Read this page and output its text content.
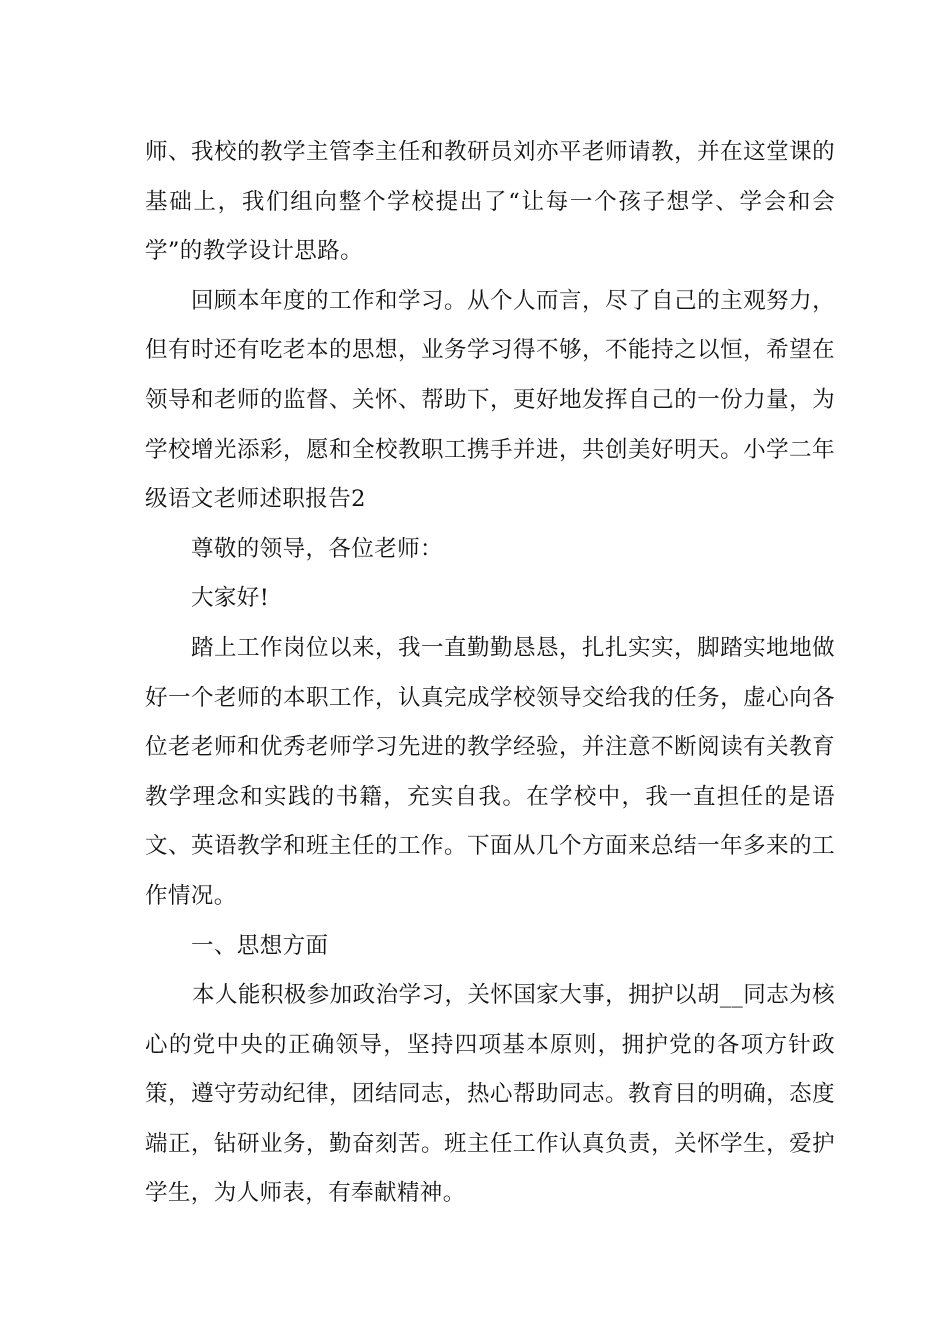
师、我校的教学主管李主任和教研员刘亦平老师请教，并在这堂课的基础上，我们组向整个学校提出了“让每一个孩子想学、学会和会学”的教学设计思路。

回顾本年度的工作和学习。从个人而言，尽了自己的主观努力，但有时还有吃老本的思想，业务学习得不够，不能持之以恒，希望在领导和老师的监督、关怀、帮助下，更好地发挥自己的一份力量，为学校增光添彩，愿和全校教职工携手并进，共创美好明天。小学二年级语文老师述职报告2

尊敬的领导，各位老师：

大家好!

踏上工作岗位以来，我一直勤勤恳恳，扎扎实实，脚踏实地地做好一个老师的本职工作，认真完成学校领导交给我的任务，虚心向各位老老师和优秀老师学习先进的教学经验，并注意不断阅读有关教育教学理念和实践的书籍，充实自我。在学校中，我一直担任的是语文、英语教学和班主任的工作。下面从几个方面来总结一年多来的工作情况。

一、思想方面

本人能积极参加政治学习，关怀国家大事，拥护以胡__同志为核心的党中央的正确领导，坚持四项基本原则，拥护党的各项方针政策，遵守劳动纪律，团结同志，热心帮助同志。教育目的明确，态度端正，钻研业务，勤奋刻苦。班主任工作认真负责，关怀学生，爱护学生，为人师表，有奉献精神。
